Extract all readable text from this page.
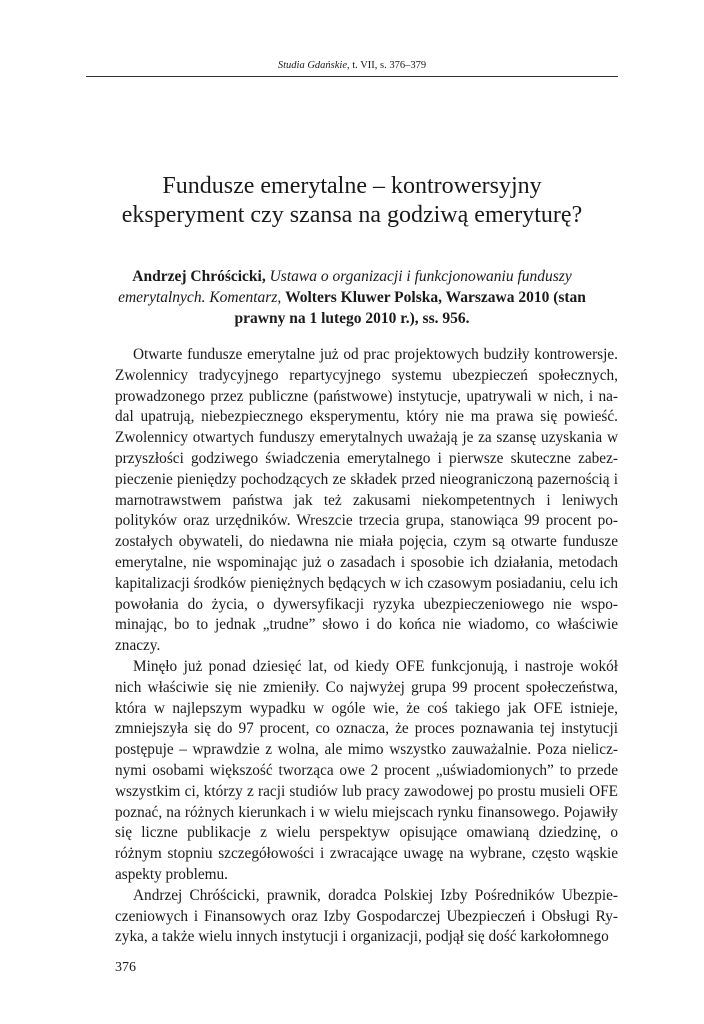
Studia Gdańskie, t. VII, s. 376–379
Fundusze emerytalne – kontrowersyjny eksperyment czy szansa na godziwą emeryturę?
Andrzej Chróścicki, Ustawa o organizacji i funkcjonowaniu funduszy emerytalnych. Komentarz, Wolters Kluwer Polska, Warszawa 2010 (stan prawny na 1 lutego 2010 r.), ss. 956.

Otwarte fundusze emerytalne już od prac projektowych budziły kontrowersje. Zwolennicy tradycyjnego repartycyjnego systemu ubezpieczeń społecznych, prowadzonego przez publiczne (państwowe) instytucje, upatrywali w nich, i nadal upatrują, niebezpiecznego eksperymentu, który nie ma prawa się powieść. Zwolennicy otwartych funduszy emerytalnych uważają je za szansę uzyskania w przyszłości godziwego świadczenia emerytalnego i pierwsze skuteczne zabezpieczenie pieniędzy pochodzących ze składek przed nieograniczoną pazernością i marnotrawstwem państwa jak też zakusami niekompetentnych i leniwych polityków oraz urzędników. Wreszcie trzecia grupa, stanowiąca 99 procent pozostałych obywateli, do niedawna nie miała pojęcia, czym są otwarte fundusze emerytalne, nie wspominając już o zasadach i sposobie ich działania, metodach kapitalizacji środków pieniężnych będących w ich czasowym posiadaniu, celu ich powołania do życia, o dywersyfikacji ryzyka ubezpieczeniowego nie wspominając, bo to jednak „trudne” słowo i do końca nie wiadomo, co właściwie znaczy.

Minęło już ponad dziesięć lat, od kiedy OFE funkcjonują, i nastroje wokół nich właściwie się nie zmieniły. Co najwyżej grupa 99 procent społeczeństwa, która w najlepszym wypadku w ogóle wie, że coś takiego jak OFE istnieje, zmniejszyła się do 97 procent, co oznacza, że proces poznawania tej instytucji postępuje – wprawdzie z wolna, ale mimo wszystko zauważalnie. Poza nielicznymi osobami większość tworząca owe 2 procent „uświadomionych” to przede wszystkim ci, którzy z racji studiów lub pracy zawodowej po prostu musieli OFE poznać, na różnych kierunkach i w wielu miejscach rynku finansowego. Pojawiły się liczne publikacje z wielu perspektyw opisujące omawianą dziedzinę, o różnym stopniu szczegółowości i zwracające uwagę na wybrane, często wąskie aspekty problemu.

Andrzej Chróścicki, prawnik, doradca Polskiej Izby Pośredników Ubezpieczeniowych i Finansowych oraz Izby Gospodarczej Ubezpieczeń i Obsługi Ryzyka, a także wielu innych instytucji i organizacji, podjął się dość karkołomnego

376
